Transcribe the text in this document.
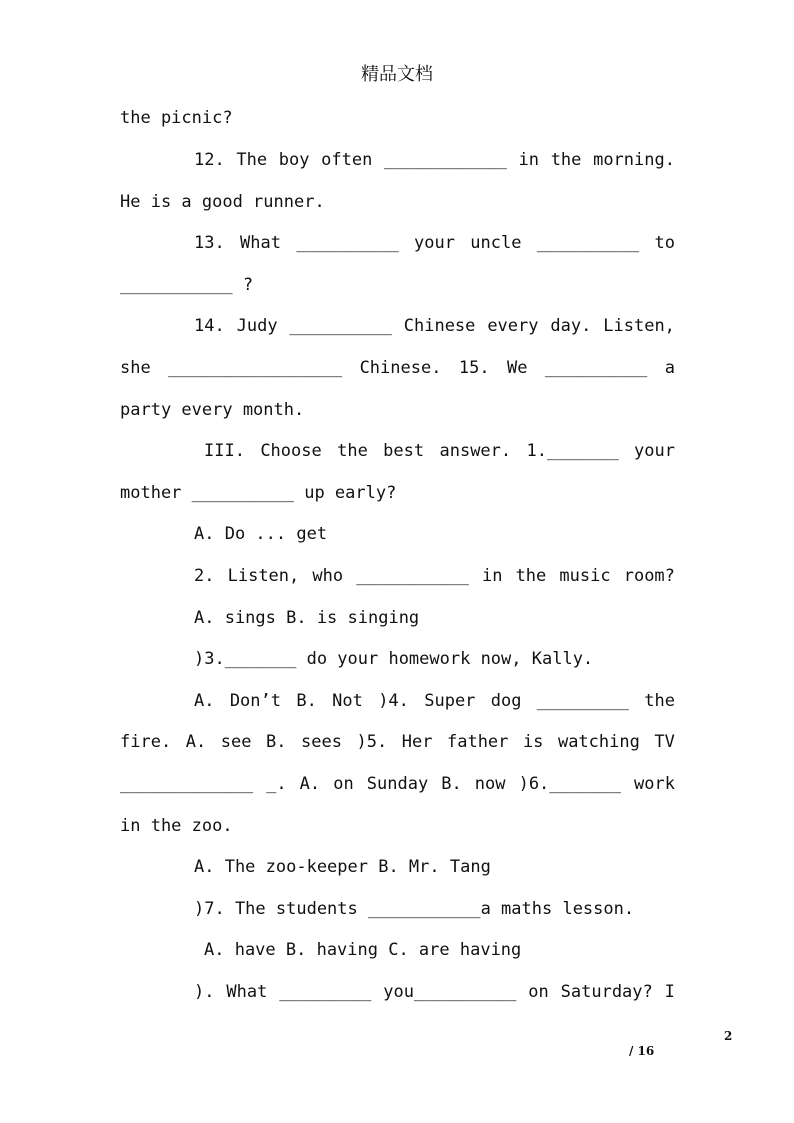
精品文档
the picnic?
12. The boy often ____________ in the morning.
He is a good runner.
13. What __________ your uncle __________ to
___________ ?
14. Judy __________ Chinese every day. Listen,
she _________________ Chinese. 15. We __________ a
party every month.
III. Choose the best answer. 1._______ your
mother __________ up early?
A. Do ... get
2. Listen, who ___________ in the music room?
A. sings B. is singing
)3._______ do your homework now, Kally.
A. Don’t B. Not )4. Super dog _________ the
fire. A. see B. sees )5. Her father is watching TV
_____________ _. A. on Sunday B. now )6._______ work
in the zoo.
A. The zoo-keeper B. Mr. Tang
)7. The students ___________a maths lesson.
A. have B. having C. are having
). What _________ you__________ on Saturday? I
2
/ 16
